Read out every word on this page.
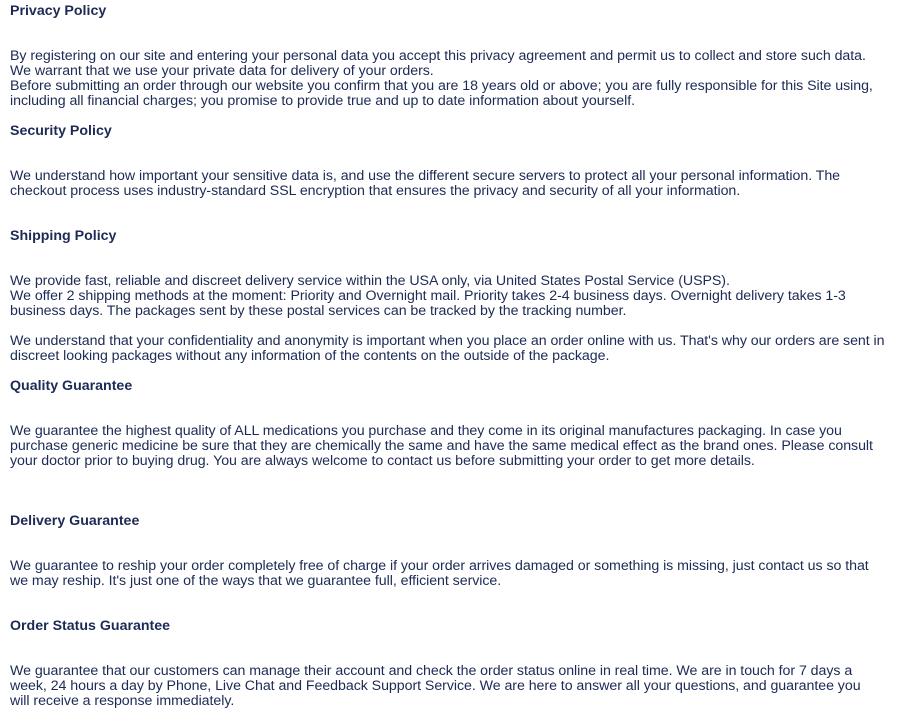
Privacy Policy

By registering on our site and entering your personal data you accept this privacy agreement and permit us to collect and store such data. We warrant that we use your private data for delivery of your orders.

Before submitting an order through our website you confirm that you are 18 years old or above; you are fully responsible for this Site using, including all financial charges; you promise to provide true and up to date information about yourself.

Security Policy

We understand how important your sensitive data is, and use the different secure servers to protect all your personal information. The checkout process uses industry-standard SSL encryption that ensures the privacy and security of all your information.

Shipping Policy

We provide fast, reliable and discreet delivery service within the USA only, via United States Postal Service (USPS).

We offer 2 shipping methods at the moment: Priority and Overnight mail. Priority takes 2-4 business days. Overnight delivery takes 1-3 business days. The packages sent by these postal services can be tracked by the tracking number.

We understand that your confidentiality and anonymity is important when you place an order online with us. That's why our orders are sent in discreet looking packages without any information of the contents on the outside of the package.

Quality Guarantee

We guarantee the highest quality of ALL medications you purchase and they come in its original manufactures packaging. In case you purchase generic medicine be sure that they are chemically the same and have the same medical effect as the brand ones. Please consult your doctor prior to buying drug. You are always welcome to contact us before submitting your order to get more details.

Delivery Guarantee

We guarantee to reship your order completely free of charge if your order arrives damaged or something is missing, just contact us so that we may reship. It's just one of the ways that we guarantee full, efficient service.

Order Status Guarantee

We guarantee that our customers can manage their account and check the order status online in real time. We are in touch for 7 days a week, 24 hours a day by Phone, Live Chat and Feedback Support Service. We are here to answer all your questions, and guarantee you will receive a response immediately.
